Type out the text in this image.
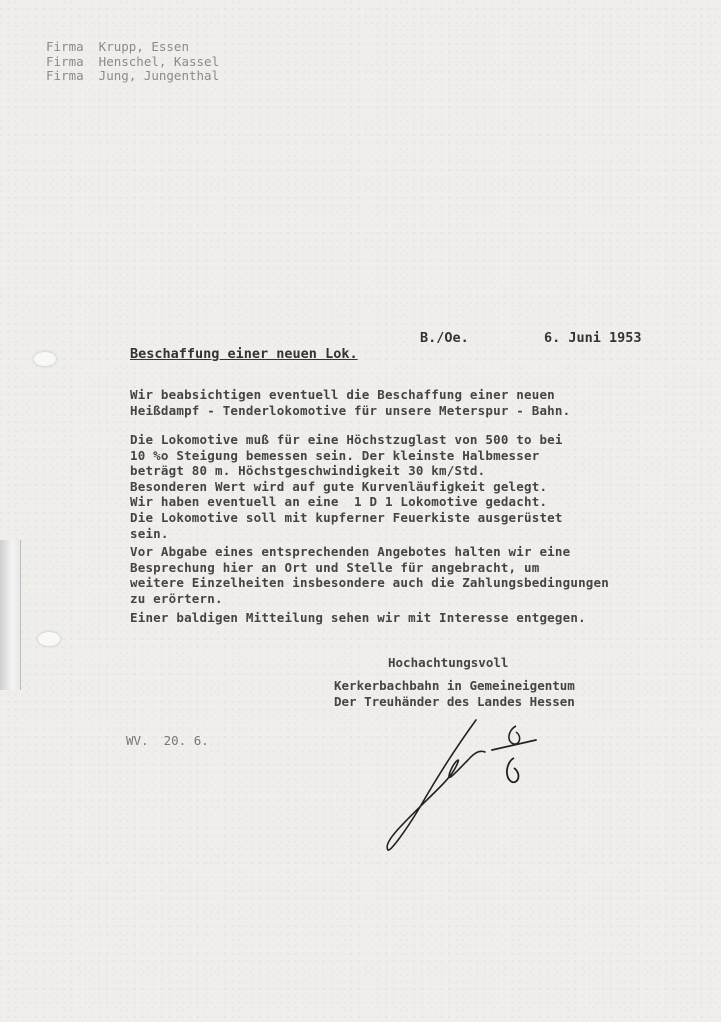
Firma  Krupp, Essen
Firma  Henschel, Kassel
Firma  Jung, Jungenthal
B./Oe.	6. Juni 1953
Beschaffung einer neuen Lok.
Wir beabsichtigen eventuell die Beschaffung einer neuen
Heißdampf - Tenderlokomotive für unsere Meterspur - Bahn.
Die Lokomotive muß für eine Höchstzuglast von 500 to bei
10 %o Steigung bemessen sein. Der kleinste Halbmesser
beträgt 80 m. Höchstgeschwindigkeit 30 km/Std.
Besonderen Wert wird auf gute Kurvenläufigkeit gelegt.
Wir haben eventuell an eine  1 D 1 Lokomotive gedacht.
Die Lokomotive soll mit kupferner Feuerkiste ausgerüstet
sein.
Vor Abgabe eines entsprechenden Angebotes halten wir eine
Besprechung hier an Ort und Stelle für angebracht, um
weitere Einzelheiten insbesondere auch die Zahlungsbedingungen
zu erörtern.
Einer baldigen Mitteilung sehen wir mit Interesse entgegen.
Hochachtungsvoll
Kerkerbachbahn in Gemeineigentum
Der Treuhänder des Landes Hessen
WV.  20. 6.
